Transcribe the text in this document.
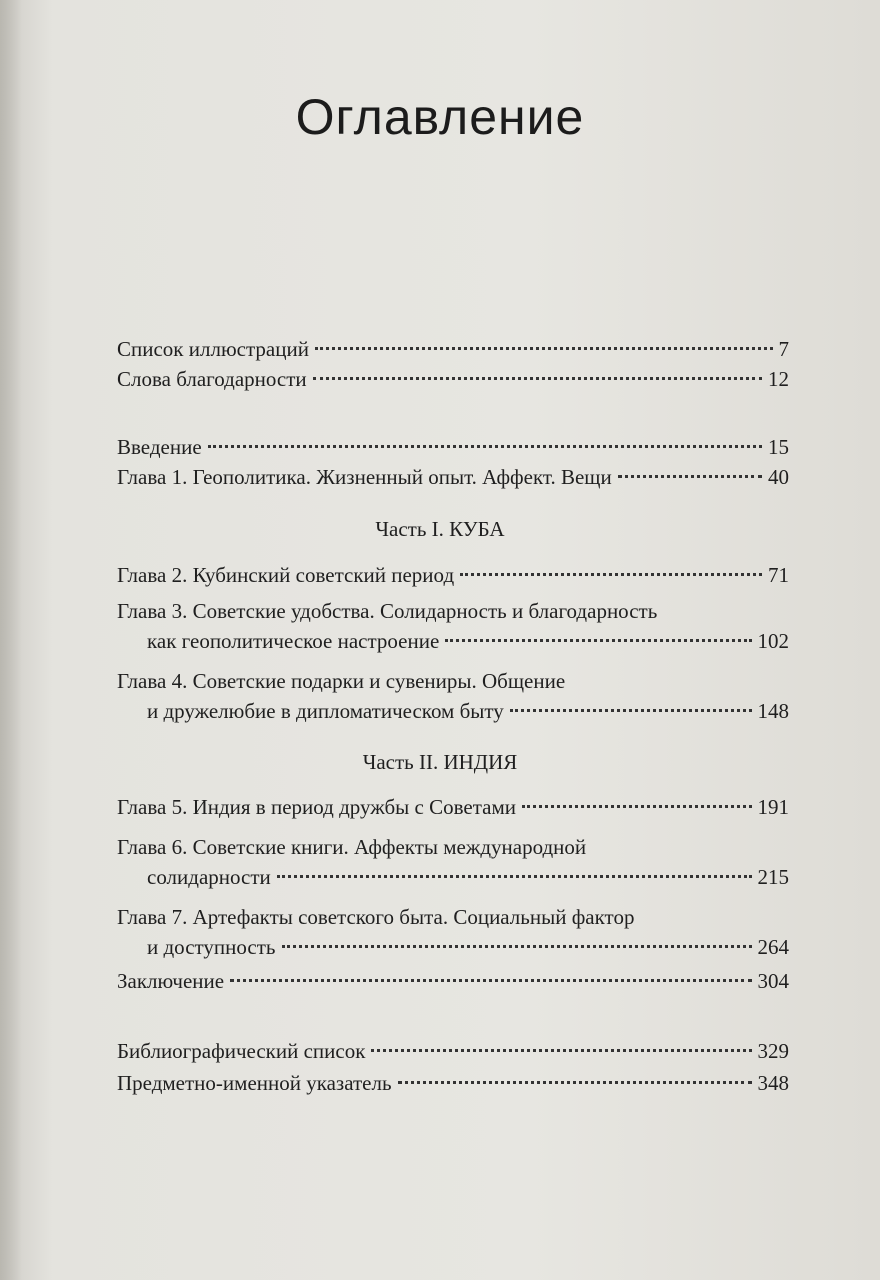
Оглавление
Список иллюстраций	7
Слова благодарности	12
Введение	15
Глава 1. Геополитика. Жизненный опыт. Аффект. Вещи	40
Часть I. КУБА
Глава 2. Кубинский советский период	71
Глава 3. Советские удобства. Солидарность и благодарность
как геополитическое настроение	102
Глава 4. Советские подарки и сувениры. Общение
и дружелюбие в дипломатическом быту	148
Часть II. ИНДИЯ
Глава 5. Индия в период дружбы с Советами	191
Глава 6. Советские книги. Аффекты международной
солидарности	215
Глава 7. Артефакты советского быта. Социальный фактор
и доступность	264
Заключение	304
Библиографический список	329
Предметно-именной указатель	348
